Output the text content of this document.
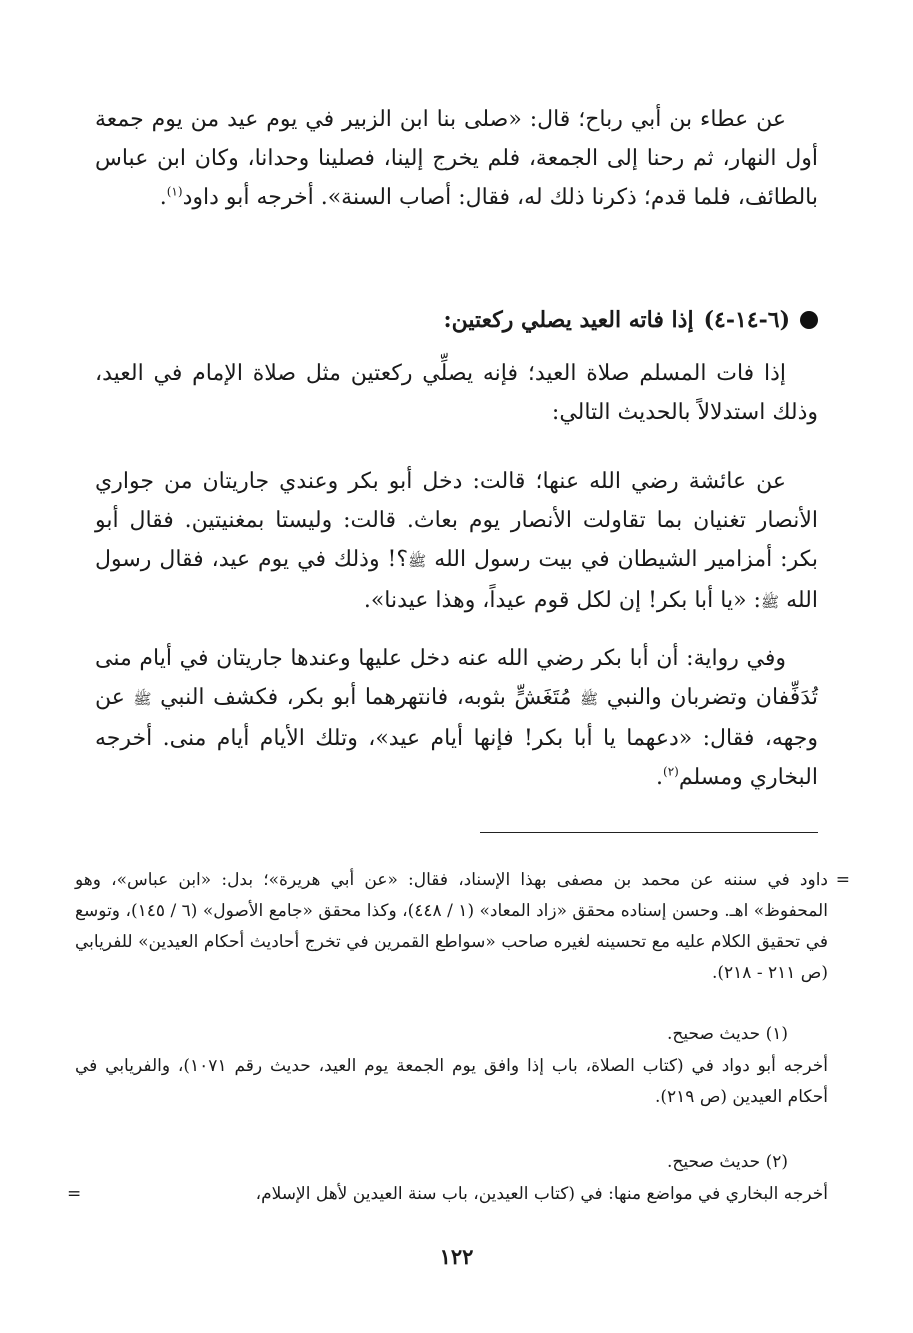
عن عطاء بن أبي رباح؛ قال: «صلى بنا ابن الزبير في يوم عيد من يوم جمعة أول النهار، ثم رحنا إلى الجمعة، فلم يخرج إلينا، فصلينا وحدانا، وكان ابن عباس بالطائف، فلما قدم؛ ذكرنا ذلك له، فقال: أصاب السنة». أخرجه أبو داود$^{(١)}$.

(٦-١٤-٤)
إذا فاته العيد يصلي ركعتين:

إذا فات المسلم صلاة العيد؛ فإنه يصلِّي ركعتين مثل صلاة الإمام في العيد، وذلك استدلالاً بالحديث التالي:

عن عائشة رضي الله عنها؛ قالت: دخل أبو بكر وعندي جاريتان من جواري الأنصار تغنيان بما تقاولت الأنصار يوم بعاث. قالت: وليستا بمغنيتين. فقال أبو بكر: أمزامير الشيطان في بيت رسول الله ﷺ؟! وذلك في يوم عيد، فقال رسول الله ﷺ: «يا أبا بكر! إن لكل قوم عيداً، وهذا عيدنا».

وفي رواية: أن أبا بكر رضي الله عنه دخل عليها وعندها جاريتان في أيام منى تُدَفِّفان وتضربان والنبي ﷺ مُتَغَشٍّ بثوبه، فانتهرهما أبو بكر، فكشف النبي ﷺ عن وجهه، فقال: «دعهما يا أبا بكر! فإنها أيام عيد»، وتلك الأيام أيام منى. أخرجه البخاري ومسلم$^{(٢)}$.

=
داود في سننه عن محمد بن مصفى بهذا الإسناد، فقال: «عن أبي هريرة»؛ بدل: «ابن عباس»، وهو المحفوظ» اهـ. وحسن إسناده محقق «زاد المعاد» (١ / ٤٤٨)، وكذا محقق «جامع الأصول» (٦ / ١٤٥)، وتوسع في تحقيق الكلام عليه مع تحسينه لغيره صاحب «سواطع القمرين في تخرج أحاديث أحكام العيدين» للفريابي (ص ٢١١ - ٢١٨).

(١) حديث صحيح.

أخرجه أبو دواد في (كتاب الصلاة، باب إذا وافق يوم الجمعة يوم العيد، حديث رقم ١٠٧١)، والفريابي في أحكام العيدين (ص ٢١٩).

(٢) حديث صحيح.

أخرجه البخاري في مواضع منها: في (كتاب العيدين، باب سنة العيدين لأهل الإسلام،
=

١٢٢
